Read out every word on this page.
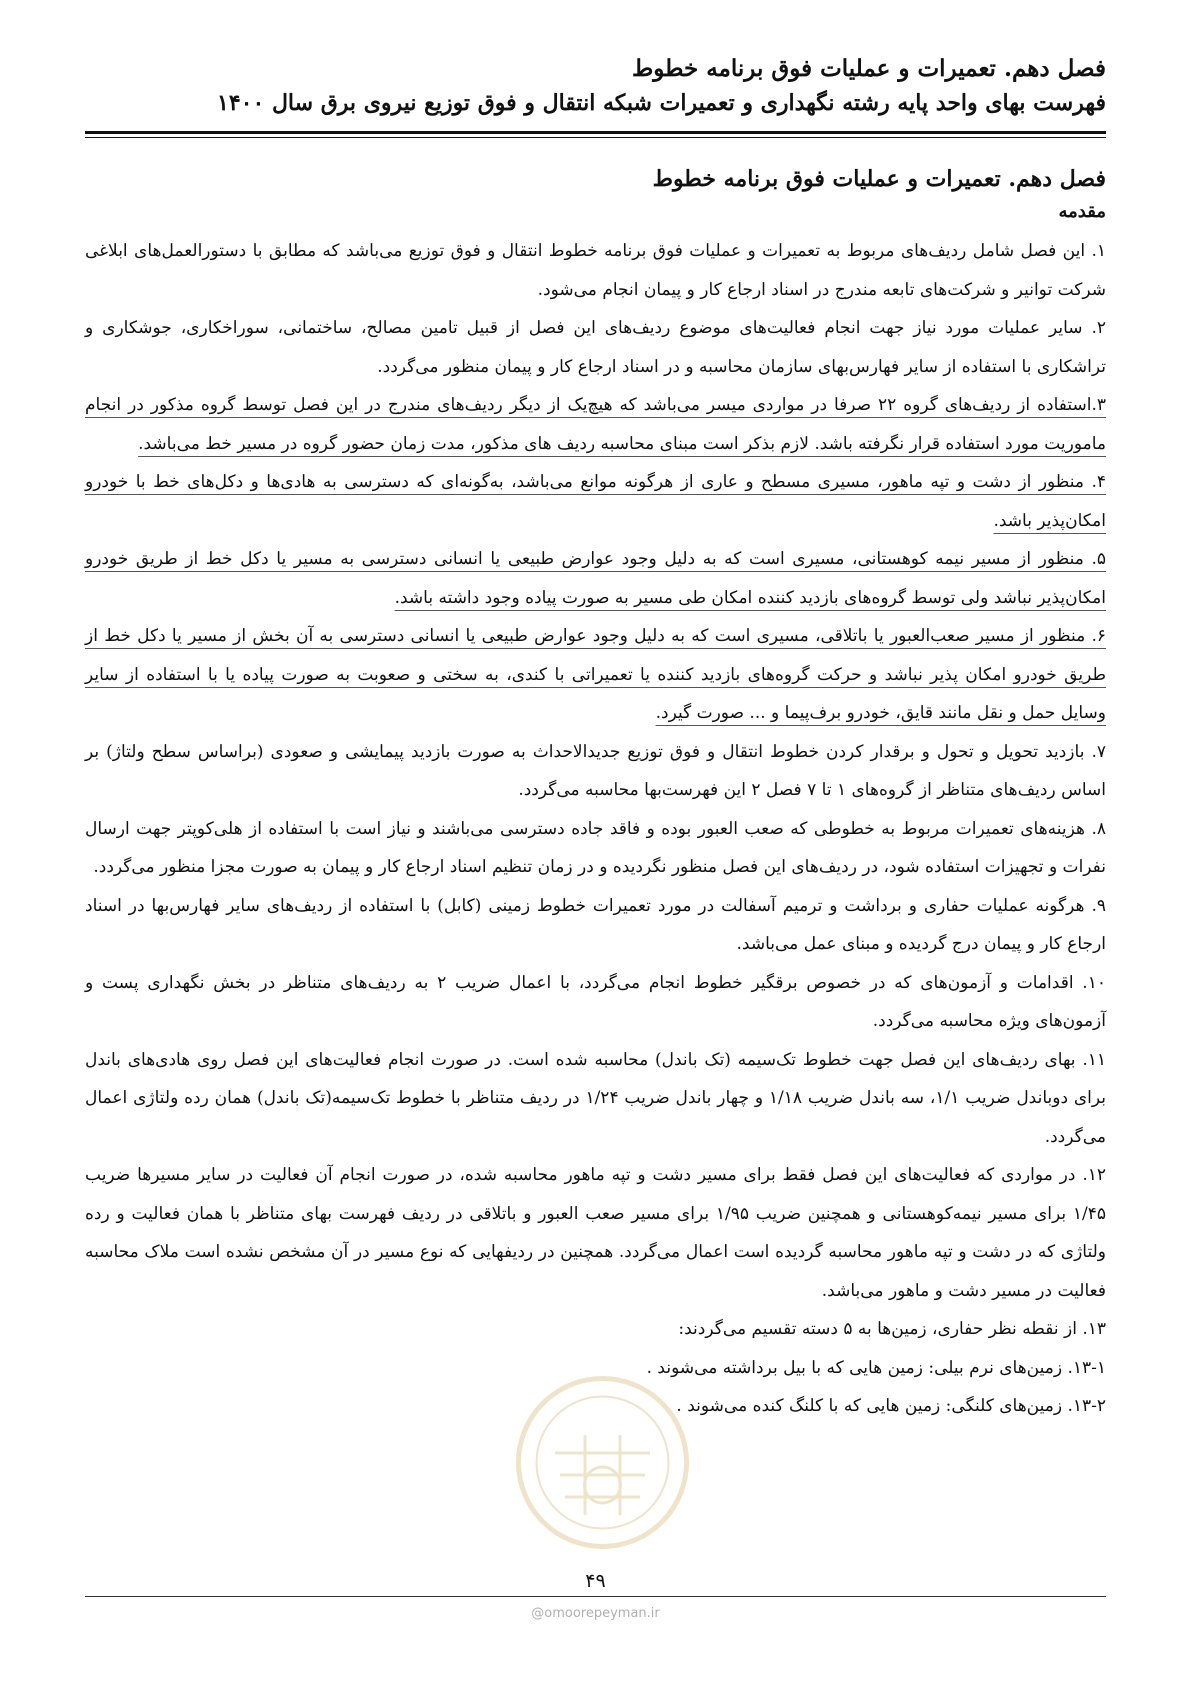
فصل دهم. تعمیرات و عملیات فوق برنامه خطوط
فهرست بهای واحد پایه رشته نگهداری و تعمیرات شبکه انتقال و فوق توزیع نیروی برق سال ۱۴۰۰
فصل دهم. تعمیرات و عملیات فوق برنامه خطوط
مقدمه

۱. این فصل شامل ردیف‌های مربوط به تعمیرات و عملیات فوق برنامه خطوط انتقال و فوق توزیع می‌باشد که مطابق با دستورالعمل‌های ابلاغی شرکت توانیر و شرکت‌های تابعه مندرج در اسناد ارجاع کار و پیمان انجام می‌شود.

۲. سایر عملیات مورد نیاز جهت انجام فعالیت‌های موضوع ردیف‌های این فصل از قبیل تامین مصالح، ساختمانی، سوراخکاری، جوشکاری و تراشکاری با استفاده از سایر فهارس‌بهای سازمان محاسبه و در اسناد ارجاع کار و پیمان منظور می‌گردد.

۳.استفاده از ردیف‌های گروه ۲۲ صرفا در مواردی میسر می‌باشد که هیچ‌یک از دیگر ردیف‌های مندرج در این فصل توسط گروه مذکور در انجام ماموریت مورد استفاده قرار نگرفته باشد. لازم بذکر است مبنای محاسبه ردیف های مذکور، مدت زمان حضور گروه در مسیر خط می‌باشد.

۴. منظور از دشت و تپه ماهور، مسیری مسطح و عاری از هرگونه موانع می‌باشد، به‌گونه‌ای که دسترسی به هادی‌ها و دکل‌های خط با خودرو امکان‌پذیر باشد.

۵. منظور از مسیر نیمه کوهستانی، مسیری است که به دلیل وجود عوارض طبیعی یا انسانی دسترسی به مسیر یا دکل خط از طریق خودرو امکان‌پذیر نباشد ولی توسط گروه‌های بازدید کننده امکان طی مسیر به صورت پیاده وجود داشته باشد.

۶. منظور از مسیر صعب‌العبور یا باتلاقی، مسیری است که به دلیل وجود عوارض طبیعی یا انسانی دسترسی به آن بخش از مسیر یا دکل خط از طریق خودرو امکان پذیر نباشد و حرکت گروه‌های بازدید کننده یا تعمیراتی با کندی، به سختی و صعوبت به صورت پیاده یا با استفاده از سایر وسایل حمل و نقل مانند قایق، خودرو برف‌پیما و ... صورت گیرد.

۷. بازدید تحویل و تحول و برقدار کردن خطوط انتقال و فوق توزیع جدیدالاحداث به صورت بازدید پیمایشی و صعودی (براساس سطح ولتاژ) بر اساس ردیف‌های متناظر از گروه‌های ۱ تا ۷ فصل ۲ این فهرست‌بها محاسبه می‌گردد.

۸. هزینه‌های تعمیرات مربوط به خطوطی که صعب العبور بوده و فاقد جاده دسترسی می‌باشند و نیاز است با استفاده از هلی‌کوپتر جهت ارسال نفرات و تجهیزات استفاده شود، در ردیف‌های این فصل منظور نگردیده و در زمان تنظیم اسناد ارجاع کار و پیمان به صورت مجزا منظور می‌گردد.

۹. هرگونه عملیات حفاری و برداشت و ترمیم آسفالت در مورد تعمیرات خطوط زمینی (کابل) با استفاده از ردیف‌های سایر فهارس‌بها در اسناد ارجاع کار و پیمان درج گردیده و مبنای عمل می‌باشد.

۱۰. اقدامات و آزمون‌های که در خصوص برقگیر خطوط انجام می‌گردد، با اعمال ضریب ۲ به ردیف‌های متناظر در بخش نگهداری پست و آزمون‌های ویژه محاسبه می‌گردد.

۱۱. بهای ردیف‌های این فصل جهت خطوط تک‌سیمه (تک باندل) محاسبه شده است. در صورت انجام فعالیت‌های این فصل روی هادی‌های باندل برای دوباندل ضریب ۱/۱، سه باندل ضریب ۱/۱۸ و چهار باندل ضریب ۱/۲۴ در ردیف متناظر با خطوط تک‌سیمه(تک باندل) همان رده ولتاژی اعمال می‌گردد.

۱۲. در مواردی که فعالیت‌های این فصل فقط برای مسیر دشت و تپه ماهور محاسبه شده، در صورت انجام آن فعالیت در سایر مسیرها ضریب ۱/۴۵ برای مسیر نیمه‌کوهستانی و همچنین ضریب ۱/۹۵ برای مسیر صعب العبور و باتلاقی در ردیف فهرست بهای متناظر با همان فعالیت و رده ولتاژی که در دشت و تپه ماهور محاسبه گردیده است اعمال می‌گردد. همچنین در ردیفهایی که نوع مسیر در آن مشخص نشده است ملاک محاسبه فعالیت در مسیر دشت و ماهور می‌باشد.

۱۳. از نقطه نظر حفاری، زمین‌ها به ۵ دسته تقسیم می‌گردند:

۱۳-۱. زمین‌های نرم بیلی: زمین هایی که با بیل برداشته می‌شوند .

۱۳-۲. زمین‌های کلنگی: زمین هایی که با کلنگ کنده می‌شوند .

۴۹
@omoorepeyman.ir
